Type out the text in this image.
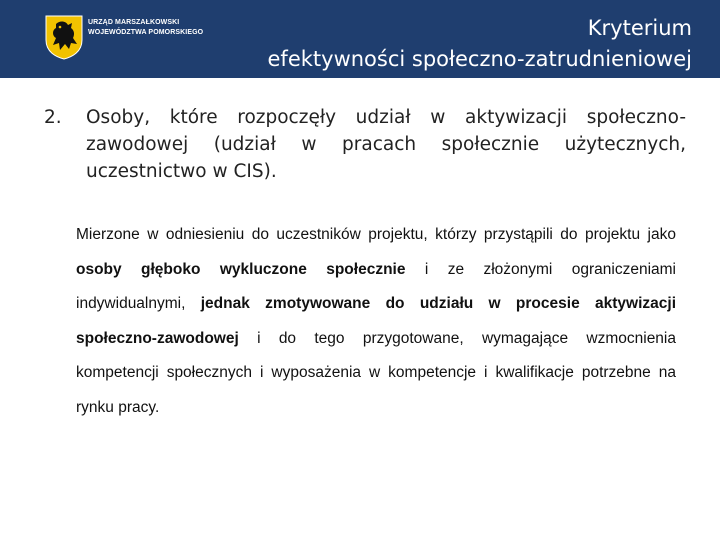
URZĄD MARSZAŁKOWSKI
WOJEWÓDZTWA POMORSKIEGO	Kryterium
efektywności społeczno-zatrudnieniowej
2. Osoby, które rozpoczęły udział w aktywizacji społeczno-zawodowej (udział w pracach społecznie użytecznych, uczestnictwo w CIS).
Mierzone w odniesieniu do uczestników projektu, którzy przystąpili do projektu jako osoby głęboko wykluczone społecznie i ze złożonymi ograniczeniami indywidualnymi, jednak zmotywowane do udziału w procesie aktywizacji społeczno-zawodowej i do tego przygotowane, wymagające wzmocnienia kompetencji społecznych i wyposażenia w kompetencje i kwalifikacje potrzebne na rynku pracy.
